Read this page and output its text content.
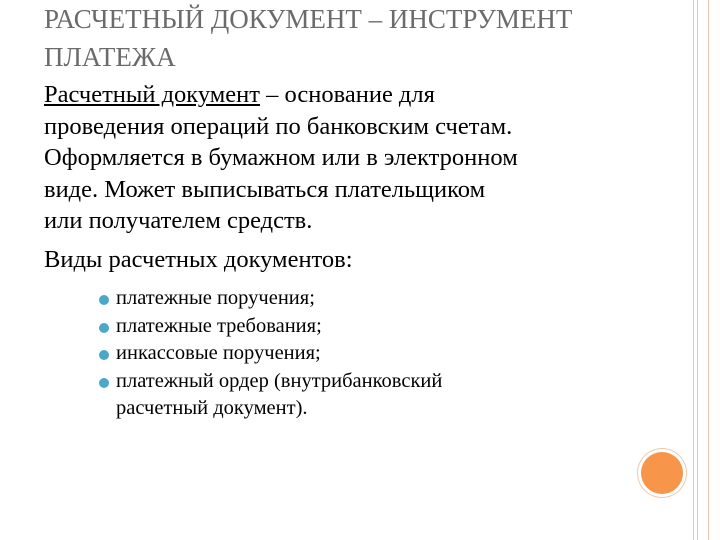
РАСЧЕТНЫЙ ДОКУМЕНТ – ИНСТРУМЕНТ
ПЛАТЕЖА

Расчетный документ – основание для
проведения операций по банковским счетам.
Оформляется в бумажном или в электронном
виде. Может выписываться плательщиком
или получателем средств.

Виды расчетных документов:

платежные поручения;
платежные требования;
инкассовые поручения;
платежный ордер (внутрибанковский
расчетный документ).
